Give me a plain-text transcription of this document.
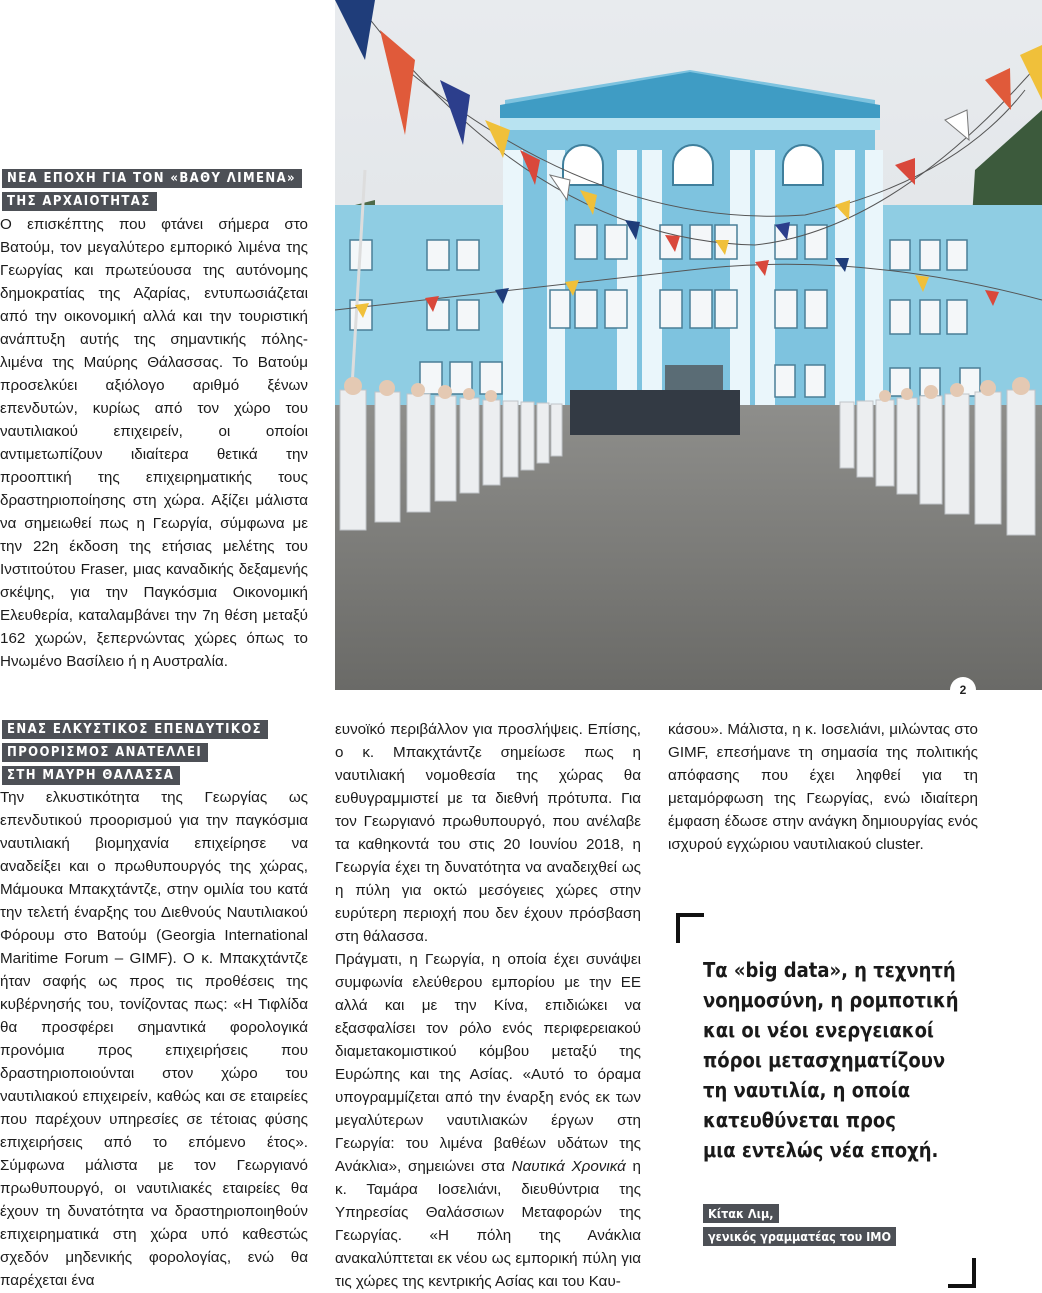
ΝΕΑ ΕΠΟΧΗ ΓΙΑ ΤΟΝ «ΒΑΘΥ ΛΙΜΕΝΑ»
ΤΗΣ ΑΡΧΑΙΟΤΗΤΑΣ

Ο επισκέπτης που φτάνει σήμερα στο Βατούμ, τον μεγαλύτερο εμπορικό λιμένα της Γεωργίας και πρωτεύουσα της αυτόνομης δημοκρατίας της Αζαρίας, εντυπωσιάζεται από την οικονομική αλλά και την τουριστική ανάπτυξη αυτής της σημαντικής πόλης-λιμένα της Μαύρης Θάλασσας. Το Βατούμ προσελκύει αξιόλογο αριθμό ξένων επενδυτών, κυρίως από τον χώρο του ναυτιλιακού επιχειρείν, οι οποίοι αντιμετωπίζουν ιδιαίτερα θετικά την προοπτική της επιχειρηματικής τους δραστηριοποίησης στη χώρα. Αξίζει μάλιστα να σημειωθεί πως η Γεωργία, σύμφωνα με την 22η έκδοση της ετήσιας μελέτης του Ινστιτούτου Fraser, μιας καναδικής δεξαμενής σκέψης, για την Παγκόσμια Οικονομική Ελευθερία, καταλαμβάνει την 7η θέση μεταξύ 162 χωρών, ξεπερνώντας χώρες όπως το Ηνωμένο Βασίλειο ή η Αυστραλία.

2
ΕΝΑΣ ΕΛΚΥΣΤΙΚΟΣ ΕΠΕΝΔΥΤΙΚΟΣ
ΠΡΟΟΡΙΣΜΟΣ ΑΝΑΤΕΛΛΕΙ
ΣΤΗ ΜΑΥΡΗ ΘΑΛΑΣΣΑ

Την ελκυστικότητα της Γεωργίας ως επενδυτικού προορισμού για την παγκόσμια ναυτιλιακή βιομηχανία επιχείρησε να αναδείξει και ο πρωθυπουργός της χώρας, Μάμουκα Μπακχτάντζε, στην ομιλία του κατά την τελετή έναρξης του Διεθνούς Ναυτιλιακού Φόρουμ στο Βατούμ (Georgia International Maritime Forum – GIMF). Ο κ. Μπακχτάντζε ήταν σαφής ως προς τις προθέσεις της κυβέρνησής του, τονίζοντας πως: «Η Τιφλίδα θα προσφέρει σημαντικά φορολογικά προνόμια προς επιχειρήσεις που δραστηριοποιούνται στον χώρο του ναυτιλιακού επιχειρείν, καθώς και σε εταιρείες που παρέχουν υπηρεσίες σε τέτοιας φύσης επιχειρήσεις από το επόμενο έτος». Σύμφωνα μάλιστα με τον Γεωργιανό πρωθυπουργό, οι ναυτιλιακές εταιρείες θα έχουν τη δυνατότητα να δραστηριοποιηθούν επιχειρηματικά στη χώρα υπό καθεστώς σχεδόν μηδενικής φορολογίας, ενώ θα παρέχεται ένα

ευνοϊκό περιβάλλον για προσλήψεις. Επίσης, ο κ. Μπακχτάντζε σημείωσε πως η ναυτιλιακή νομοθεσία της χώρας θα ευθυγραμμιστεί με τα διεθνή πρότυπα. Για τον Γεωργιανό πρωθυπουργό, που ανέλαβε τα καθηκοντά του στις 20 Ιουνίου 2018, η Γεωργία έχει τη δυνατότητα να αναδειχθεί ως η πύλη για οκτώ μεσόγειες χώρες στην ευρύτερη περιοχή που δεν έχουν πρόσβαση στη θάλασσα.

Πράγματι, η Γεωργία, η οποία έχει συνάψει συμφωνία ελεύθερου εμπορίου με την ΕΕ αλλά και με την Κίνα, επιδιώκει να εξασφαλίσει τον ρόλο ενός περιφερειακού διαμετακομιστικού κόμβου μεταξύ της Ευρώπης και της Ασίας. «Αυτό το όραμα υπογραμμίζεται από την έναρξη ενός εκ των μεγαλύτερων ναυτιλιακών έργων στη Γεωργία: του λιμένα βαθέων υδάτων της Ανάκλια», σημειώνει στα Ναυτικά Χρονικά η κ. Ταμάρα Ιοσελιάνι, διευθύντρια της Υπηρεσίας Θαλάσσιων Μεταφορών της Γεωργίας. «Η πόλη της Ανάκλια ανακαλύπτεται εκ νέου ως εμπορική πύλη για τις χώρες της κεντρικής Ασίας και του Καυ-

κάσου». Μάλιστα, η κ. Ιοσελιάνι, μιλώντας στο GIMF, επεσήμανε τη σημασία της πολιτικής απόφασης που έχει ληφθεί για τη μεταμόρφωση της Γεωργίας, ενώ ιδιαίτερη έμφαση έδωσε στην ανάγκη δημιουργίας ενός ισχυρού εγχώριου ναυτιλιακού cluster.

Τα «big data», η τεχνητή
νοημοσύνη, η ρομποτική
και οι νέοι ενεργειακοί
πόροι μετασχηματίζουν
τη ναυτιλία, η οποία
κατευθύνεται προς
μια εντελώς νέα εποχή.
Κίτακ Λιμ,
γενικός γραμματέας του ΙΜΟ
